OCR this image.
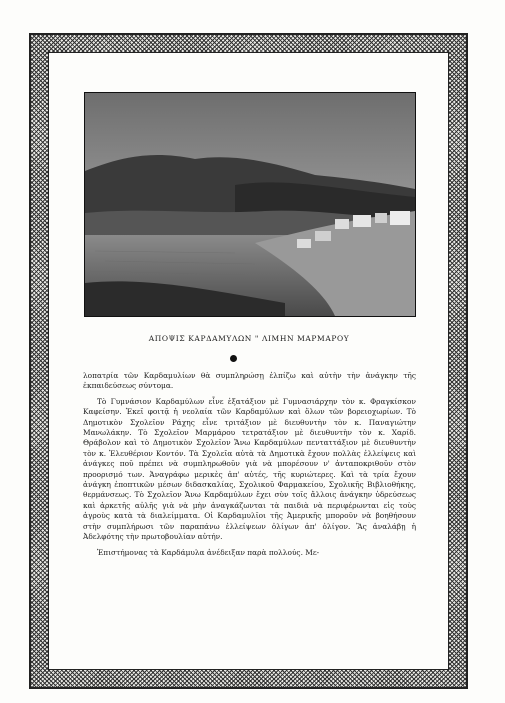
ΑΠΟΨΙΣ ΚΑΡΔΑΜΥΛΩΝ " ΛΙΜΗΝ ΜΑΡΜΑΡΟΥ

λοπατρία τῶν Καρδαμυλίων θὰ συμπληρώσῃ ἐλπίζω καὶ αὐτὴν τὴν ἀνάγκην τῆς ἐκπαιδεύσεως σύντομα.

Τὸ Γυμνάσιον Καρδαμύλων εἶνε ἑξατάξιον μὲ Γυμνασιάρχην τὸν κ. Φραγκίσκον Καφείσην. Ἐκεῖ φοιτᾷ ἡ νεολαία τῶν Καρδαμύλων καὶ ὅλων τῶν βορειοχωρίων. Τὸ Δημοτικὸν Σχολεῖον Ράχης εἶνε τριτάξιον μὲ διευθυντὴν τὸν κ. Παναγιώτην Μανωλάκην. Τὸ Σχολεῖον Μαρμάρου τετρατάξιον μὲ διευθυντὴν τὸν κ. Χαρίδ. Θράβολον καὶ τὸ Δημοτικὸν Σχολεῖον Ἄνω Καρδαμύλων πενταττάξιον μὲ διευθυντὴν τὸν κ. Ἐλευθέριον Κοντόν. Τὰ Σχολεῖα αὐτὰ τὰ Δημοτικὰ ἔχουν πολλὰς ἐλλείψεις καὶ ἀνάγκες ποῦ πρέπει νὰ συμπληρωθοῦν γιὰ νὰ μπορέσουν ν' ἀνταποκριθοῦν στὸν προορισμό των. Ἀναγράφω μερικὲς ἀπ' αὐτές, τῆς κυριώτερες. Καὶ τὰ τρία ἔχουν ἀνάγκη ἐποπτικῶν μέσων διδασκαλίας, Σχολικοῦ Φαρμακείου, Σχολικῆς Βιβλιοθήκης, θερμάνσεως. Τὸ Σχολεῖον Ἄνω Καρδαμύλων ἔχει σὺν τοῖς ἄλλοις ἀνάγκην ὑδρεύσεως καὶ ἀρκετῆς αὐλῆς γιὰ νὰ μὴν ἀναγκάζωνται τὰ παιδιὰ νὰ περιφέρωνται εἰς τοὺς ἀγροὺς κατὰ τὰ διαλείμματα. Οἱ Καρδαμυλῖοι τῆς Ἀμερικῆς μποροῦν νὰ βοηθήσουν στὴν συμπλήρωσι τῶν παραπάνω ἐλλείψεων ὀλίγων ἀπ' ὀλίγον. Ἂς ἀναλάβῃ ἡ Ἀδελφότης τὴν πρωτοβουλίαν αὐτήν.

Ἐπιστήμονας τὰ Καρδάμυλα ἀνέδειξαν παρὰ πολλούς. Με-
